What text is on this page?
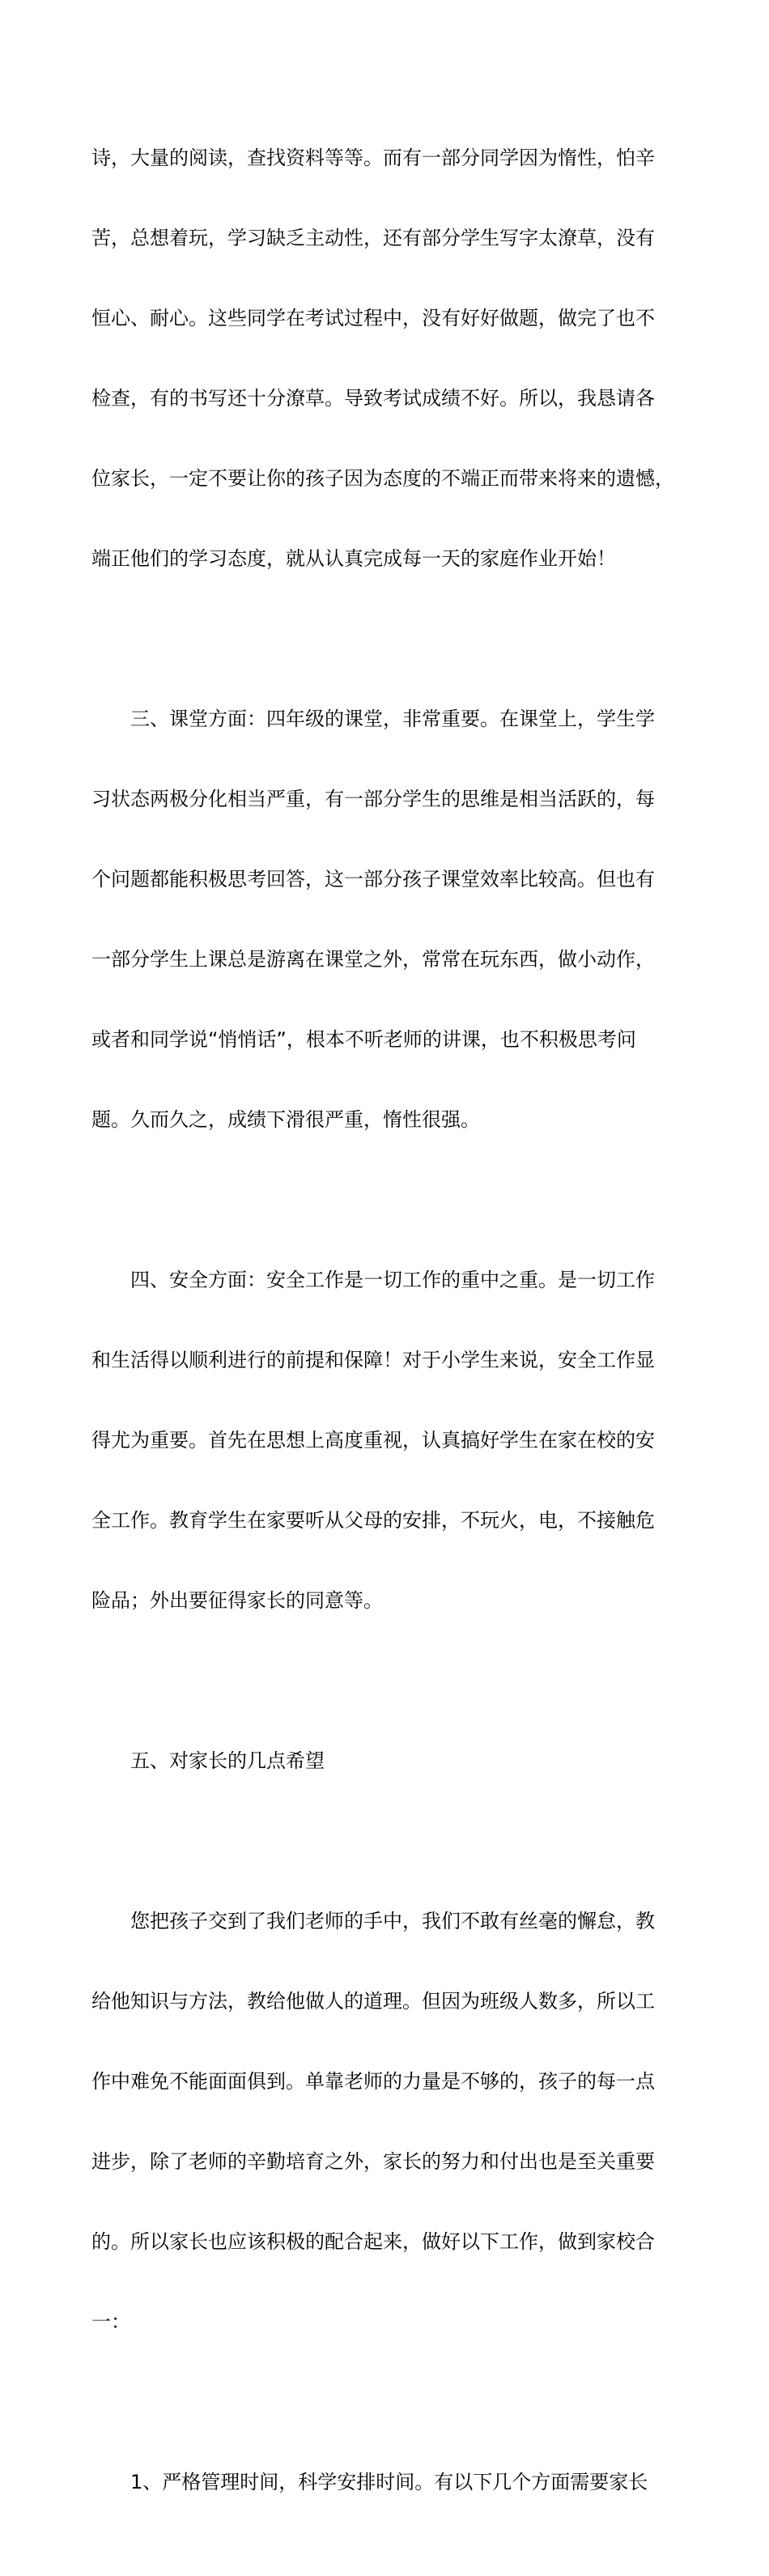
诗，大量的阅读，查找资料等等。而有一部分同学因为惰性，怕辛

苦，总想着玩，学习缺乏主动性，还有部分学生写字太潦草，没有

恒心、耐心。这些同学在考试过程中，没有好好做题，做完了也不

检查，有的书写还十分潦草。导致考试成绩不好。所以，我恳请各

位家长，一定不要让你的孩子因为态度的不端正而带来将来的遗憾，

端正他们的学习态度，就从认真完成每一天的家庭作业开始！

三、课堂方面：四年级的课堂，非常重要。在课堂上，学生学

习状态两极分化相当严重，有一部分学生的思维是相当活跃的，每

个问题都能积极思考回答，这一部分孩子课堂效率比较高。但也有

一部分学生上课总是游离在课堂之外，常常在玩东西，做小动作，

或者和同学说“悄悄话”，根本不听老师的讲课，也不积极思考问

题。久而久之，成绩下滑很严重，惰性很强。

四、安全方面：安全工作是一切工作的重中之重。是一切工作

和生活得以顺利进行的前提和保障！对于小学生来说，安全工作显

得尤为重要。首先在思想上高度重视，认真搞好学生在家在校的安

全工作。教育学生在家要听从父母的安排，不玩火，电，不接触危

险品；外出要征得家长的同意等。

五、对家长的几点希望

您把孩子交到了我们老师的手中，我们不敢有丝毫的懈怠，教

给他知识与方法，教给他做人的道理。但因为班级人数多，所以工

作中难免不能面面俱到。单靠老师的力量是不够的，孩子的每一点

进步，除了老师的辛勤培育之外，家长的努力和付出也是至关重要

的。所以家长也应该积极的配合起来，做好以下工作，做到家校合

一：

1、严格管理时间，科学安排时间。有以下几个方面需要家长
